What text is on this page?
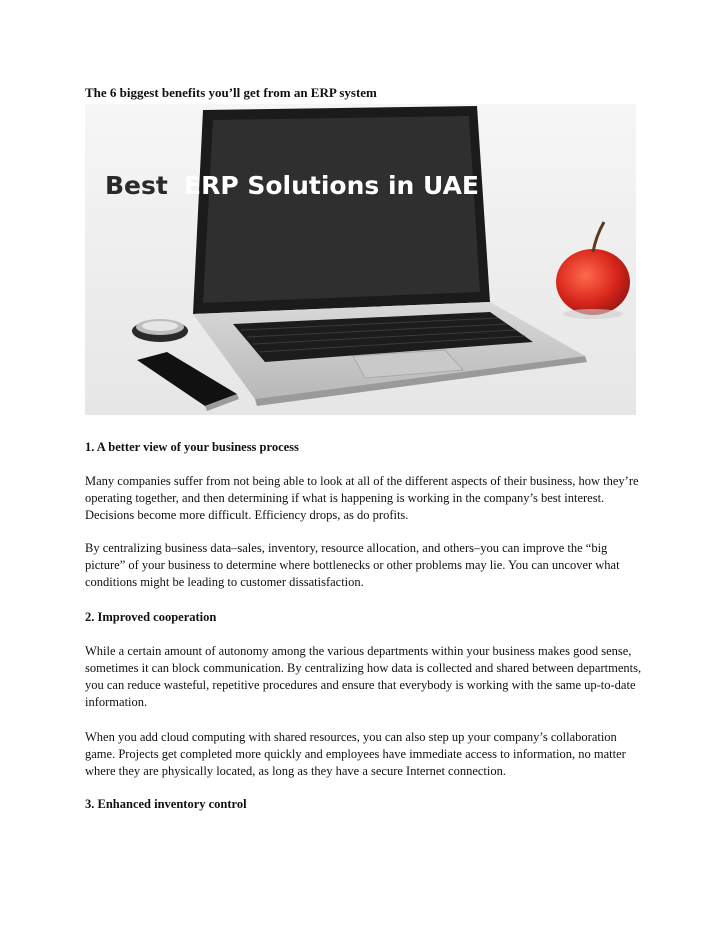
The 6 biggest benefits you’ll get from an ERP system
Best ERP Solutions in UAE
1. A better view of your business process

Many companies suffer from not being able to look at all of the different aspects of their business, how they’re operating together, and then determining if what is happening is working in the company’s best interest. Decisions become more difficult. Efficiency drops, as do profits.

By centralizing business data–sales, inventory, resource allocation, and others–you can improve the “big picture” of your business to determine where bottlenecks or other problems may lie. You can uncover what conditions might be leading to customer dissatisfaction.

2. Improved cooperation

While a certain amount of autonomy among the various departments within your business makes good sense, sometimes it can block communication. By centralizing how data is collected and shared between departments, you can reduce wasteful, repetitive procedures and ensure that everybody is working with the same up-to-date information.

When you add cloud computing with shared resources, you can also step up your company’s collaboration game. Projects get completed more quickly and employees have immediate access to information, no matter where they are physically located, as long as they have a secure Internet connection.

3. Enhanced inventory control
